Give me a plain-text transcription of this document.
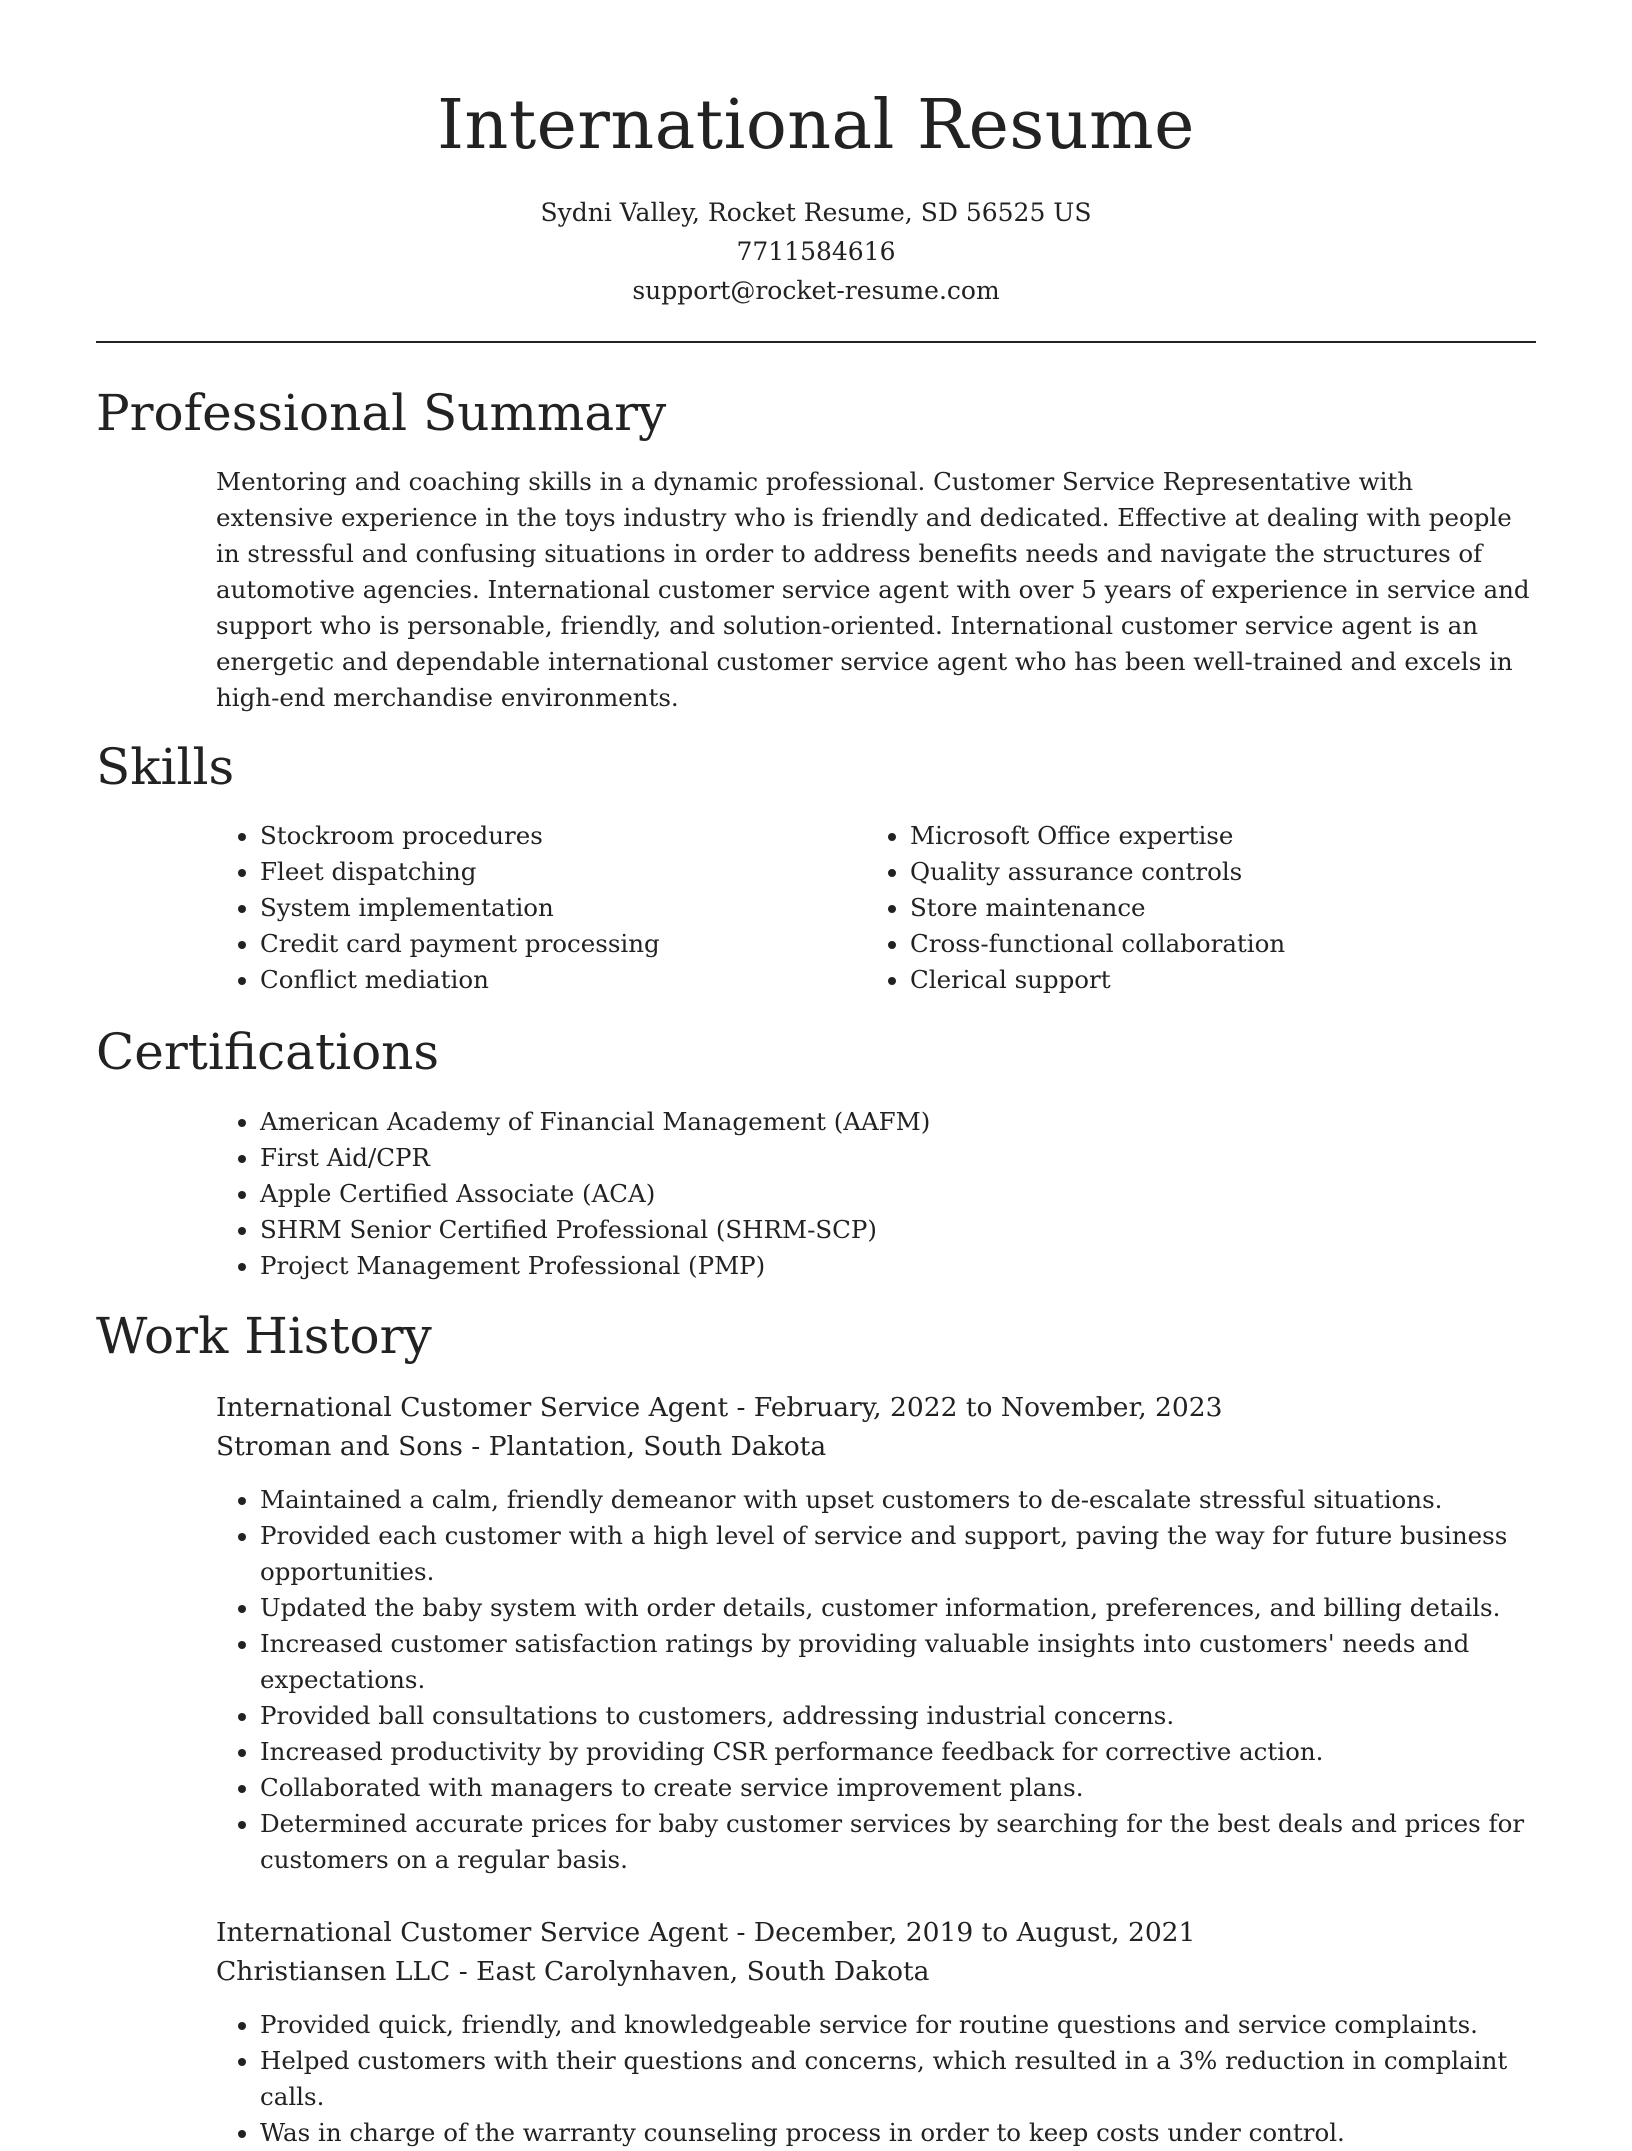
International Resume
Sydni Valley, Rocket Resume, SD 56525 US
7711584616
support@rocket-resume.com
Professional Summary

Mentoring and coaching skills in a dynamic professional. Customer Service Representative with extensive experience in the toys industry who is friendly and dedicated. Effective at dealing with people in stressful and confusing situations in order to address benefits needs and navigate the structures of automotive agencies. International customer service agent with over 5 years of experience in service and support who is personable, friendly, and solution-oriented. International customer service agent is an energetic and dependable international customer service agent who has been well-trained and excels in high-end merchandise environments.

Skills
• Stockroom procedures
• Fleet dispatching
• System implementation
• Credit card payment processing
• Conflict mediation
• Microsoft Office expertise
• Quality assurance controls
• Store maintenance
• Cross-functional collaboration
• Clerical support
Certifications
• American Academy of Financial Management (AAFM)
• First Aid/CPR
• Apple Certified Associate (ACA)
• SHRM Senior Certified Professional (SHRM-SCP)
• Project Management Professional (PMP)
Work History
International Customer Service Agent - February, 2022 to November, 2023
Stroman and Sons - Plantation, South Dakota
• Maintained a calm, friendly demeanor with upset customers to de-escalate stressful situations.
• Provided each customer with a high level of service and support, paving the way for future business opportunities.
• Updated the baby system with order details, customer information, preferences, and billing details.
• Increased customer satisfaction ratings by providing valuable insights into customers' needs and expectations.
• Provided ball consultations to customers, addressing industrial concerns.
• Increased productivity by providing CSR performance feedback for corrective action.
• Collaborated with managers to create service improvement plans.
• Determined accurate prices for baby customer services by searching for the best deals and prices for customers on a regular basis.
International Customer Service Agent - December, 2019 to August, 2021
Christiansen LLC - East Carolynhaven, South Dakota
• Provided quick, friendly, and knowledgeable service for routine questions and service complaints.
• Helped customers with their questions and concerns, which resulted in a 3% reduction in complaint calls.
• Was in charge of the warranty counseling process in order to keep costs under control.
